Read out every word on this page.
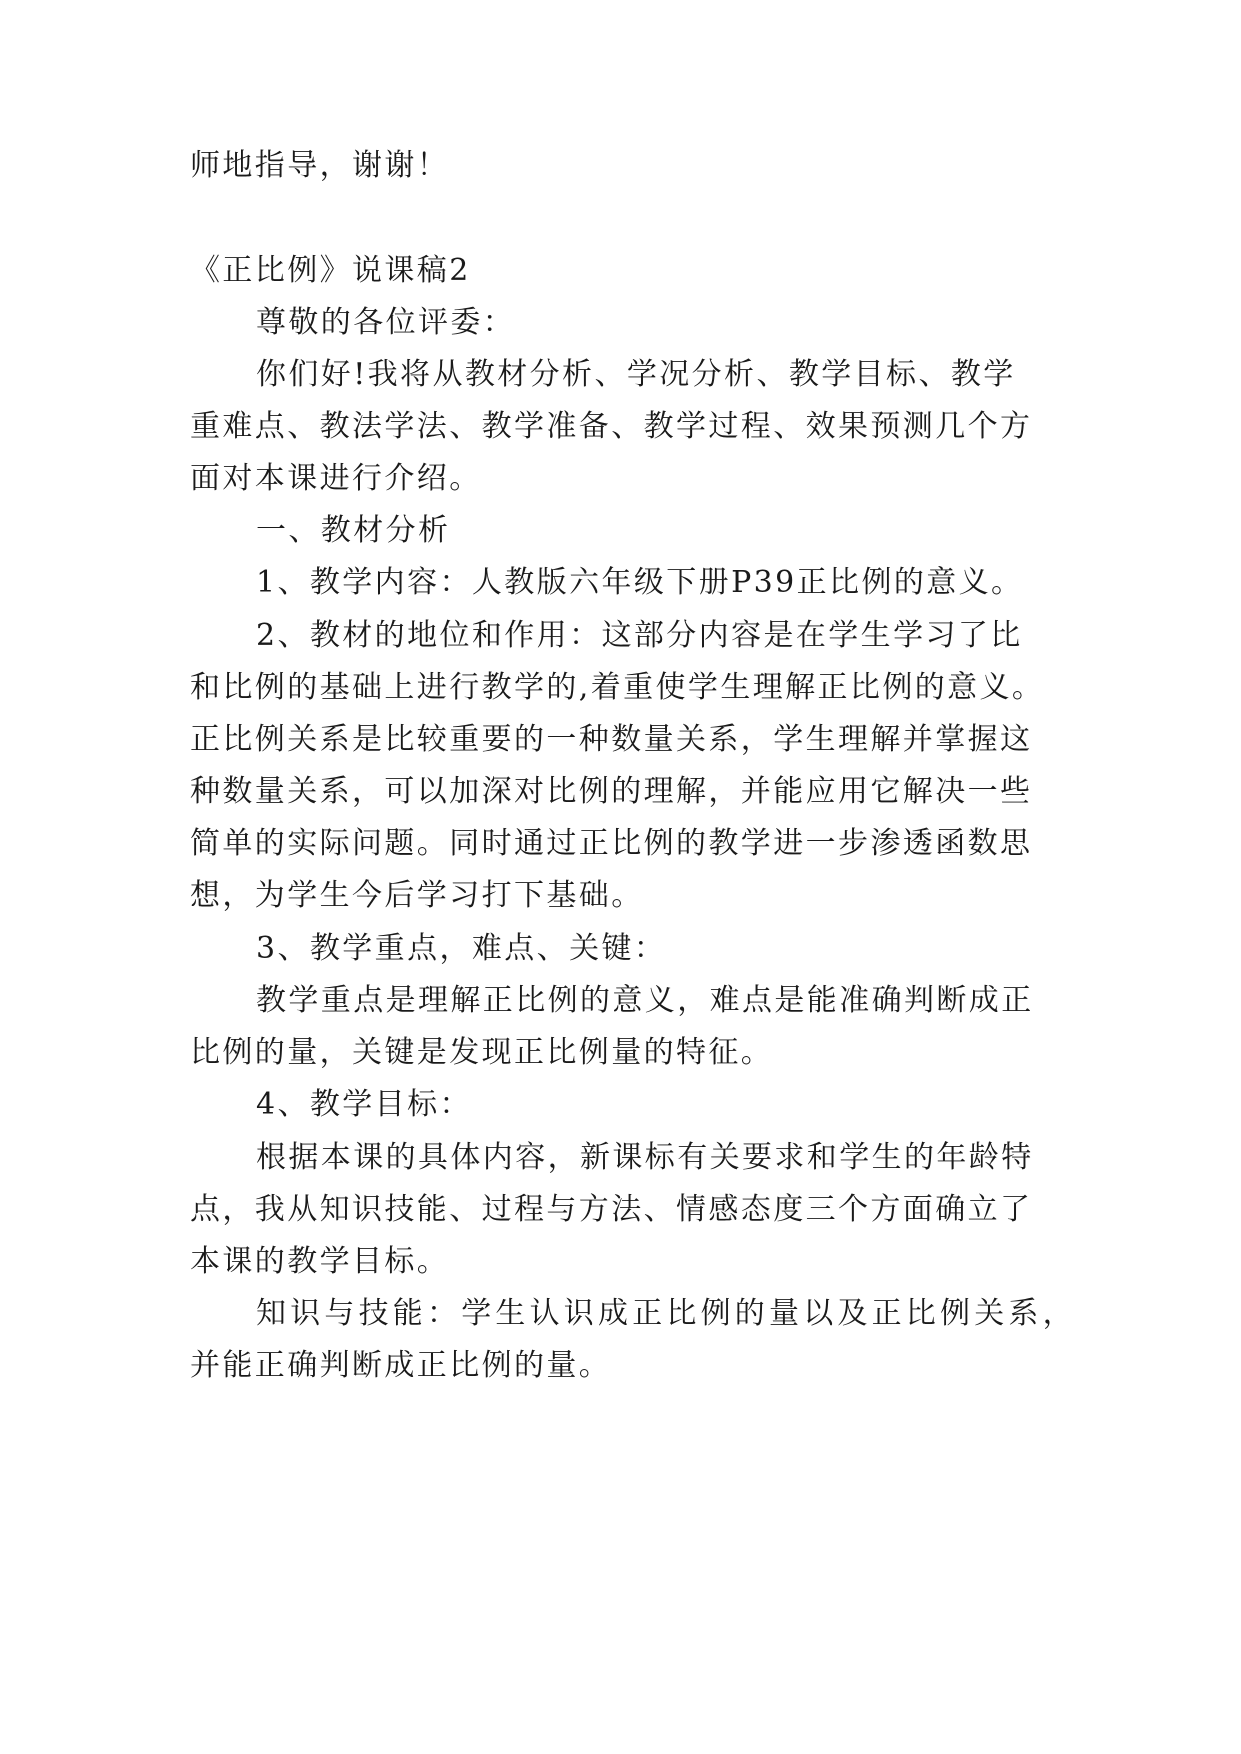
师地指导，谢谢！
《正比例》说课稿2
尊敬的各位评委：
你们好!我将从教材分析、学况分析、教学目标、教学
重难点、教法学法、教学准备、教学过程、效果预测几个方
面对本课进行介绍。
一、教材分析
1、教学内容：人教版六年级下册P39正比例的意义。
2、教材的地位和作用：这部分内容是在学生学习了比
和比例的基础上进行教学的,着重使学生理解正比例的意义。
正比例关系是比较重要的一种数量关系，学生理解并掌握这
种数量关系，可以加深对比例的理解，并能应用它解决一些
简单的实际问题。同时通过正比例的教学进一步渗透函数思
想，为学生今后学习打下基础。
3、教学重点，难点、关键：
教学重点是理解正比例的意义，难点是能准确判断成正
比例的量，关键是发现正比例量的特征。
4、教学目标：
根据本课的具体内容，新课标有关要求和学生的年龄特
点，我从知识技能、过程与方法、情感态度三个方面确立了
本课的教学目标。
知识与技能：学生认识成正比例的量以及正比例关系，
并能正确判断成正比例的量。
